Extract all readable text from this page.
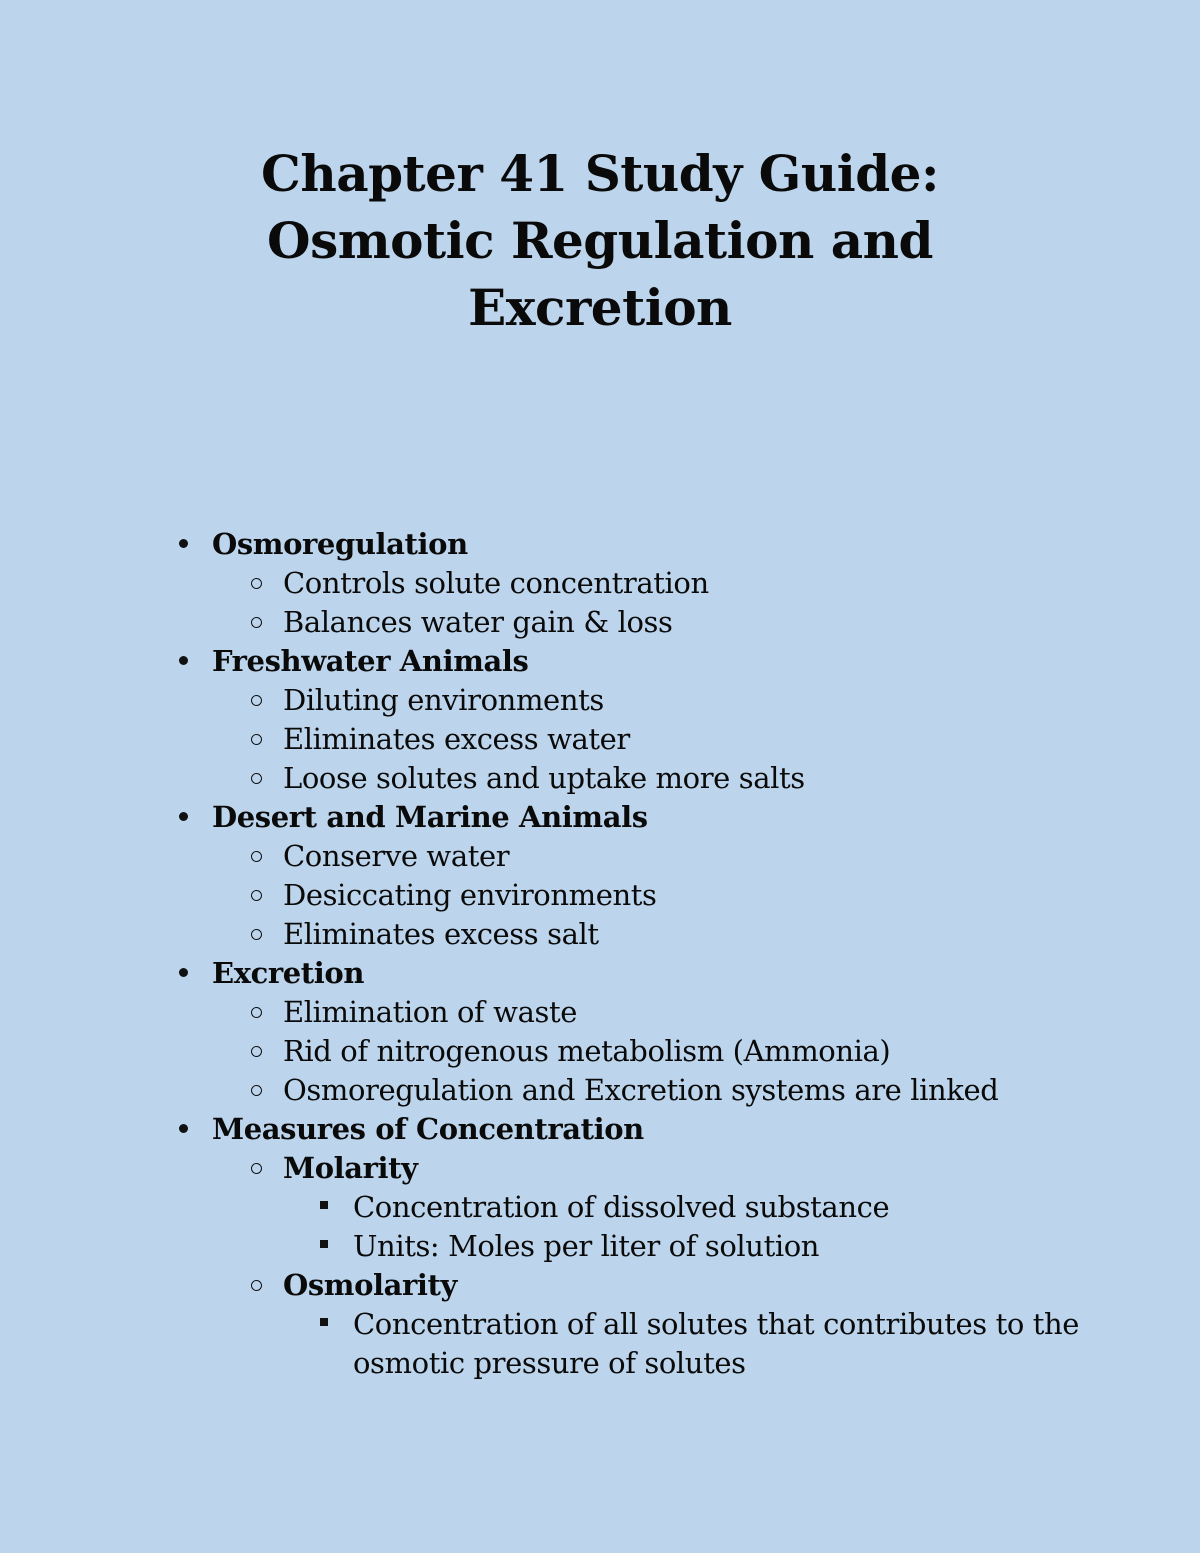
Chapter 41 Study Guide:
Osmotic Regulation and
Excretion
Osmoregulation
Controls solute concentration
Balances water gain & loss
Freshwater Animals
Diluting environments
Eliminates excess water
Loose solutes and uptake more salts
Desert and Marine Animals
Conserve water
Desiccating environments
Eliminates excess salt
Excretion
Elimination of waste
Rid of nitrogenous metabolism (Ammonia)
Osmoregulation and Excretion systems are linked
Measures of Concentration
Molarity
Concentration of dissolved substance
Units: Moles per liter of solution
Osmolarity
Concentration of all solutes that contributes to the
osmotic pressure of solutes
